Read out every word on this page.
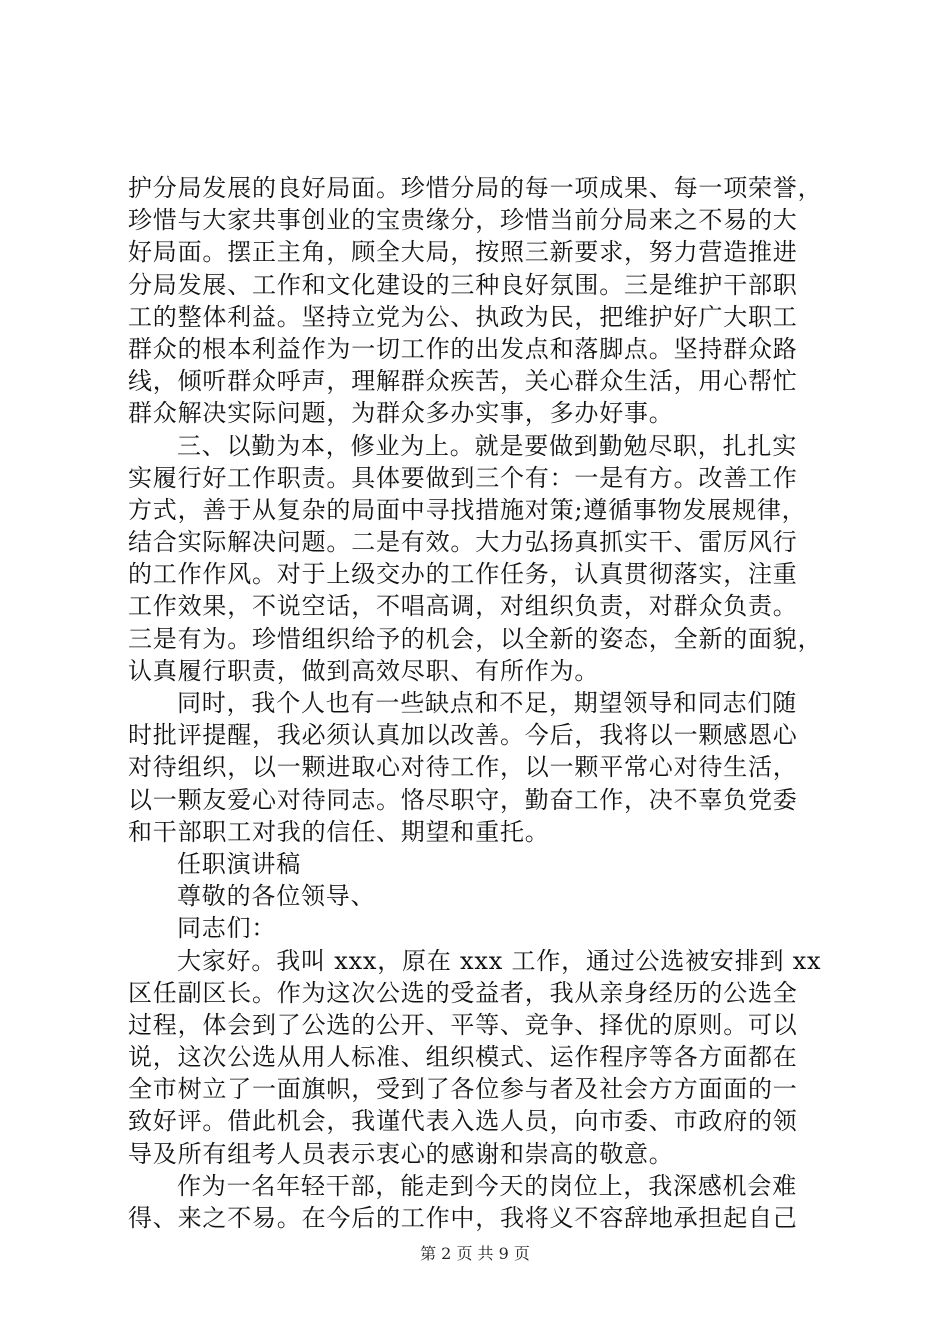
护分局发展的良好局面。珍惜分局的每一项成果、每一项荣誉，
珍惜与大家共事创业的宝贵缘分，珍惜当前分局来之不易的大
好局面。摆正主角，顾全大局，按照三新要求，努力营造推进
分局发展、工作和文化建设的三种良好氛围。三是维护干部职
工的整体利益。坚持立党为公、执政为民，把维护好广大职工
群众的根本利益作为一切工作的出发点和落脚点。坚持群众路
线，倾听群众呼声，理解群众疾苦，关心群众生活，用心帮忙
群众解决实际问题，为群众多办实事，多办好事。
三、以勤为本，修业为上。就是要做到勤勉尽职，扎扎实
实履行好工作职责。具体要做到三个有：一是有方。改善工作
方式，善于从复杂的局面中寻找措施对策;遵循事物发展规律，
结合实际解决问题。二是有效。大力弘扬真抓实干、雷厉风行
的工作作风。对于上级交办的工作任务，认真贯彻落实，注重
工作效果，不说空话，不唱高调，对组织负责，对群众负责。
三是有为。珍惜组织给予的机会，以全新的姿态，全新的面貌，
认真履行职责，做到高效尽职、有所作为。
同时，我个人也有一些缺点和不足，期望领导和同志们随
时批评提醒，我必须认真加以改善。今后，我将以一颗感恩心
对待组织，以一颗进取心对待工作，以一颗平常心对待生活，
以一颗友爱心对待同志。恪尽职守，勤奋工作，决不辜负党委
和干部职工对我的信任、期望和重托。
任职演讲稿
尊敬的各位领导、
同志们：
大家好。我叫 xxx，原在 xxx 工作，通过公选被安排到 xx
区任副区长。作为这次公选的受益者，我从亲身经历的公选全
过程，体会到了公选的公开、平等、竞争、择优的原则。可以
说，这次公选从用人标准、组织模式、运作程序等各方面都在
全市树立了一面旗帜，受到了各位参与者及社会方方面面的一
致好评。借此机会，我谨代表入选人员，向市委、市政府的领
导及所有组考人员表示衷心的感谢和崇高的敬意。
作为一名年轻干部，能走到今天的岗位上，我深感机会难
得、来之不易。在今后的工作中，我将义不容辞地承担起自己
第 2 页 共 9 页
